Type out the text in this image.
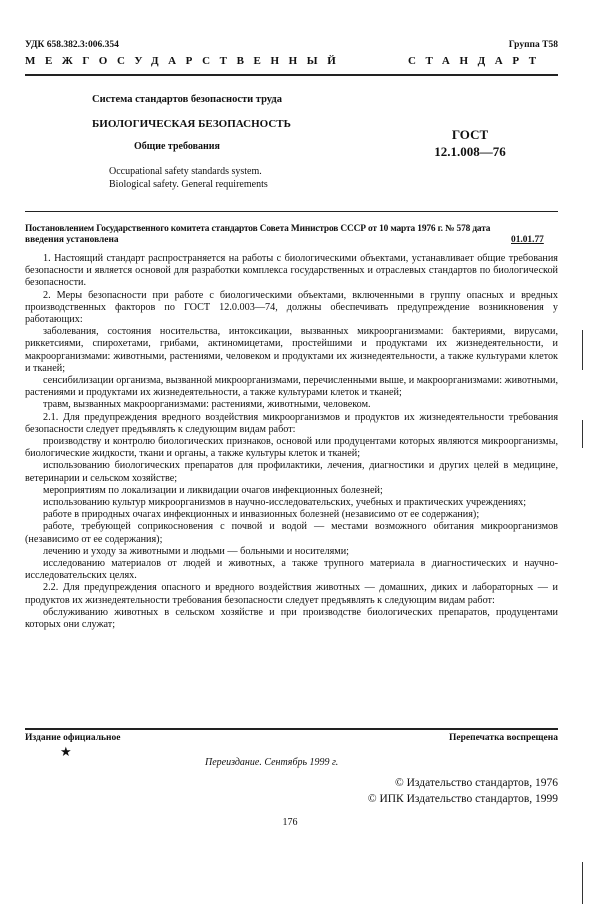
УДК 658.382.3:006.354	Группа Т58
МЕЖГОСУДАРСТВЕННЫЙ	СТАНДАРТ
Система стандартов безопасности труда
БИОЛОГИЧЕСКАЯ БЕЗОПАСНОСТЬ
Общие требования
Occupational safety standards system.
Biological safety. General requirements
ГОСТ
12.1.008—76
Постановлением Государственного комитета стандартов Совета Министров СССР от 10 марта 1976 г. № 578 дата
введения установлена	01.01.77

1. Настоящий стандарт распространяется на работы с биологическими объектами, устанавливает общие требования безопасности и является основой для разработки комплекса государственных и отраслевых стандартов по биологической безопасности.

2. Меры безопасности при работе с биологическими объектами, включенными в группу опасных и вредных производственных факторов по ГОСТ 12.0.003—74, должны обеспечивать предупреждение возникновения у работающих:

заболевания, состояния носительства, интоксикации, вызванных микроорганизмами: бактериями, вирусами, риккетсиями, спирохетами, грибами, актиномицетами, простейшими и продуктами их жизнедеятельности, и макроорганизмами: животными, растениями, человеком и продуктами их жизнедеятельности, а также культурами клеток и тканей;

сенсибилизации организма, вызванной микроорганизмами, перечисленными выше, и макроорганизмами: животными, растениями и продуктами их жизнедеятельности, а также культурами клеток и тканей;

травм, вызванных макроорганизмами: растениями, животными, человеком.

2.1. Для предупреждения вредного воздействия микроорганизмов и продуктов их жизнедеятельности требования безопасности следует предъявлять к следующим видам работ:

производству и контролю биологических признаков, основой или продуцентами которых являются микроорганизмы, биологические жидкости, ткани и органы, а также культуры клеток и тканей;

использованию биологических препаратов для профилактики, лечения, диагностики и других целей в медицине, ветеринарии и сельском хозяйстве;

мероприятиям по локализации и ликвидации очагов инфекционных болезней;

использованию культур микроорганизмов в научно-исследовательских, учебных и практических учреждениях;

работе в природных очагах инфекционных и инвазионных болезней (независимо от ее содержания);

работе, требующей соприкосновения с почвой и водой — местами возможного обитания микроорганизмов (независимо от ее содержания);

лечению и уходу за животными и людьми — больными и носителями;

исследованию материалов от людей и животных, а также трупного материала в диагностических и научно-исследовательских целях.

2.2. Для предупреждения опасного и вредного воздействия животных — домашних, диких и лабораторных — и продуктов их жизнедеятельности требования безопасности следует предъявлять к следующим видам работ:

обслуживанию животных в сельском хозяйстве и при производстве биологических препаратов, продуцентами которых они служат;

Издание официальное	Перепечатка воспрещена
★
Переиздание. Сентябрь 1999 г.
© Издательство стандартов, 1976
© ИПК Издательство стандартов, 1999
176
